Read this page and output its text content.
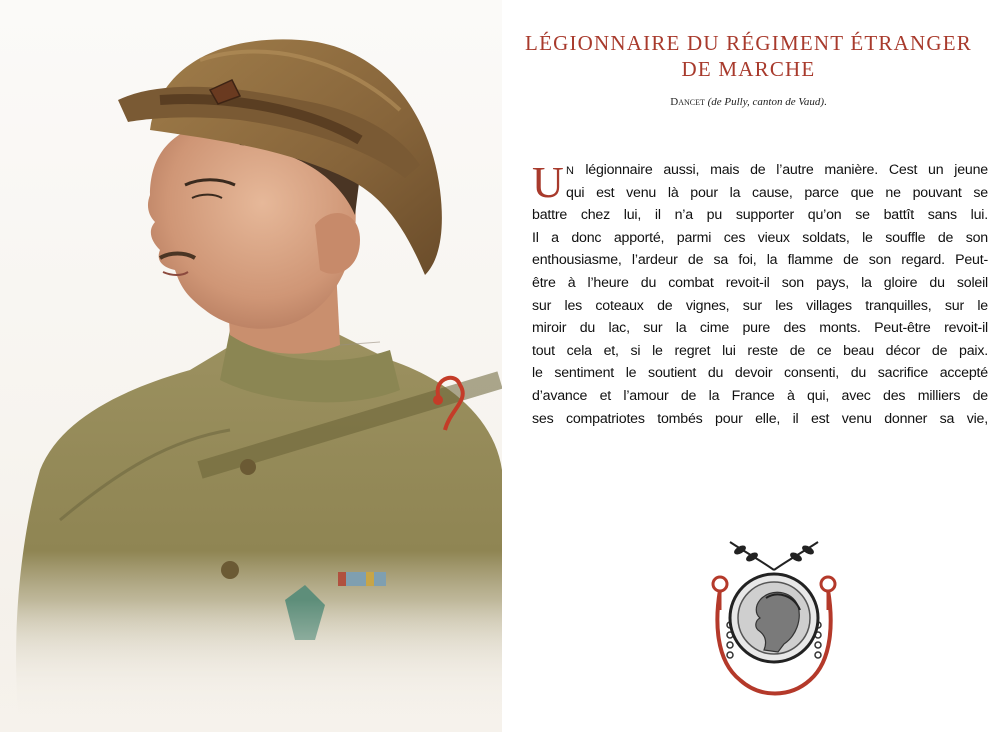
LÉGIONNAIRE DU RÉGIMENT ÉTRANGER
DE MARCHE
Dancet (de Pully, canton de Vaud).
U N légionnaire aussi, mais de l’autre manière. Cest un jeune
qui est venu là pour la cause, parce que ne pouvant se
battre chez lui, il n’a pu supporter qu’on se battît sans lui.
Il a donc apporté, parmi ces vieux soldats, le souffle de son
enthousiasme, l’ardeur de sa foi, la flamme de son regard. Peut-
être à l’heure du combat revoit-il son pays, la gloire du soleil
sur les coteaux de vignes, sur les villages tranquilles, sur le
miroir du lac, sur la cime pure des monts. Peut-être revoit-il
tout cela et, si le regret lui reste de ce beau décor de paix.
le sentiment le soutient du devoir consenti, du sacrifice accepté
d’avance et l’amour de la France à qui, avec des milliers de
ses compatriotes tombés pour elle, il est venu donner sa vie,
